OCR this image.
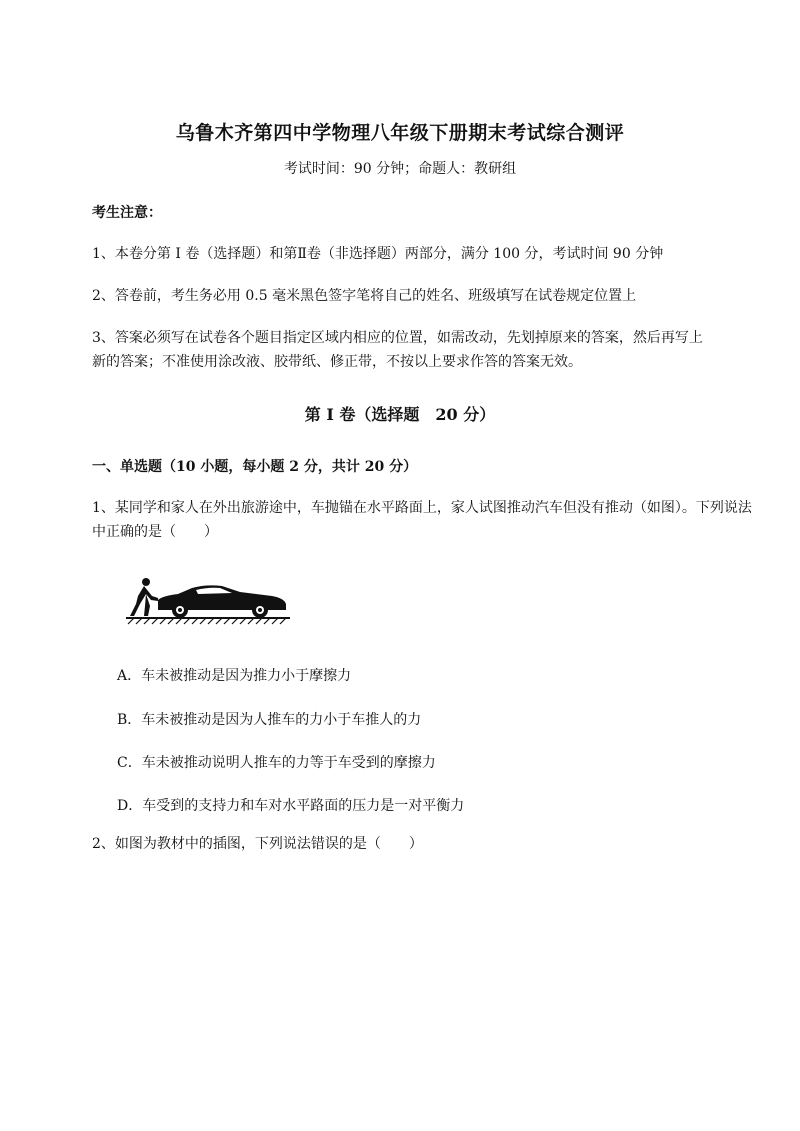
乌鲁木齐第四中学物理八年级下册期末考试综合测评
考试时间：90 分钟；命题人：教研组
考生注意：
1、本卷分第 I 卷（选择题）和第Ⅱ卷（非选择题）两部分，满分 100 分，考试时间 90 分钟
2、答卷前，考生务必用 0.5 毫米黑色签字笔将自己的姓名、班级填写在试卷规定位置上
3、答案必须写在试卷各个题目指定区域内相应的位置，如需改动，先划掉原来的答案，然后再写上新的答案；不准使用涂改液、胶带纸、修正带，不按以上要求作答的答案无效。
第 I 卷（选择题　20 分）
一、单选题（10 小题，每小题 2 分，共计 20 分）
1、某同学和家人在外出旅游途中，车抛锚在水平路面上，家人试图推动汽车但没有推动（如图）。下列说法中正确的是（　　）
A．车未被推动是因为推力小于摩擦力
B．车未被推动是因为人推车的力小于车推人的力
C．车未被推动说明人推车的力等于车受到的摩擦力
D．车受到的支持力和车对水平路面的压力是一对平衡力
2、如图为教材中的插图，下列说法错误的是（　　）
